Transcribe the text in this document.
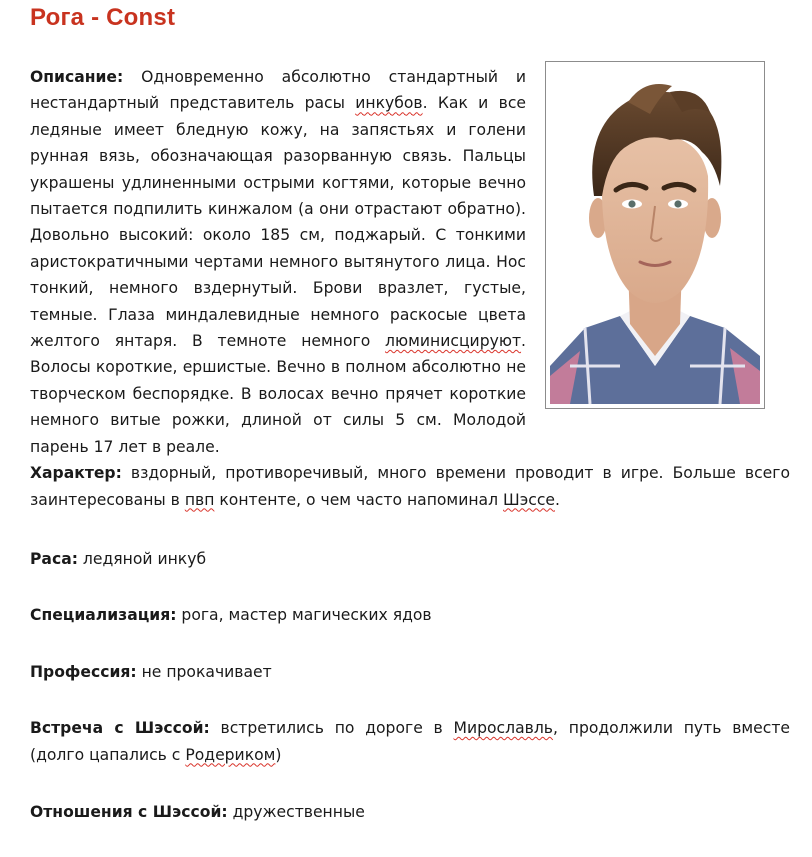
Рога - Const
Описание: Одновременно абсолютно стандартный и нестандартный представитель расы инкубов. Как и все ледяные имеет бледную кожу, на запястьях и голени рунная вязь, обозначающая разорванную связь. Пальцы украшены удлиненными острыми когтями, которые вечно пытается подпилить кинжалом (а они отрастают обратно). Довольно высокий: около 185 см, поджарый. С тонкими аристократичными чертами немного вытянутого лица. Нос тонкий, немного вздернутый. Брови вразлет, густые, темные. Глаза миндалевидные немного раскосые цвета желтого янтаря. В темноте немного люминисцируют. Волосы короткие, ершистые. Вечно в полном абсолютно не творческом беспорядке. В волосах вечно прячет короткие немного витые рожки, длиной от силы 5 см. Молодой парень 17 лет в реале.
Характер: вздорный, противоречивый, много времени проводит в игре. Больше всего заинтересованы в пвп контенте, о чем часто напоминал Шэссе.
Раса: ледяной инкуб
Специализация: рога, мастер магических ядов
Профессия: не прокачивает
Встреча с Шэссой: встретились по дороге в Мирославль, продолжили путь вместе (долго цапались с Родериком)
Отношения с Шэссой: дружественные
